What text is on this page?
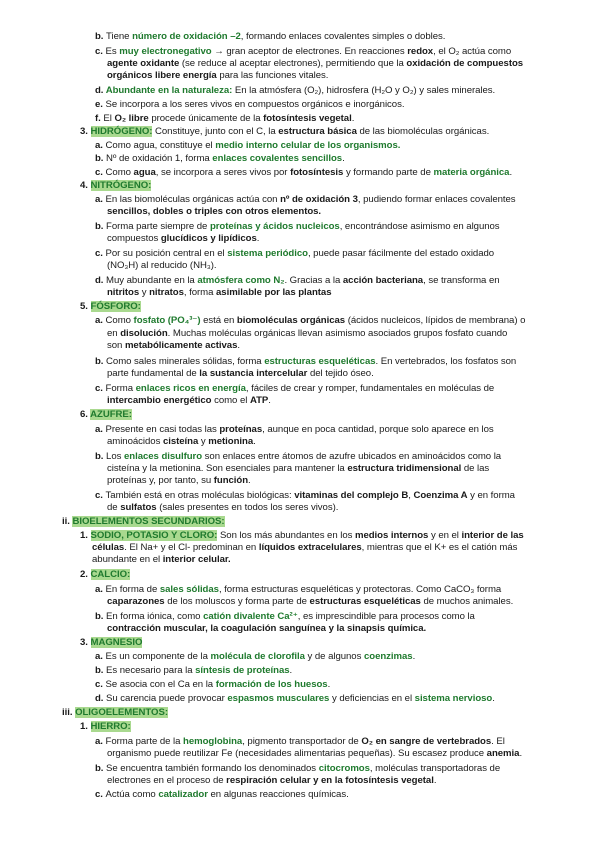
b. Tiene número de oxidación –2, formando enlaces covalentes simples o dobles.
c. Es muy electronegativo → gran aceptor de electrones. En reacciones redox, el O₂ actúa como
agente oxidante (se reduce al aceptar electrones), permitiendo que la oxidación de compuestos
orgánicos libere energía para las funciones vitales.
d. Abundante en la naturaleza: En la atmósfera (O₂), hidrosfera (H₂O y O₂) y sales minerales.
e. Se incorpora a los seres vivos en compuestos orgánicos e inorgánicos.
f. El O₂ libre procede únicamente de la fotosíntesis vegetal.
3. HIDRÓGENO: Constituye, junto con el C, la estructura básica de las biomoléculas orgánicas.
a. Como agua, constituye el medio interno celular de los organismos.
b. Nº de oxidación 1, forma enlaces covalentes sencillos.
c. Como agua, se incorpora a seres vivos por fotosíntesis y formando parte de materia orgánica.
4. NITRÓGENO:
a. En las biomoléculas orgánicas actúa con nº de oxidación 3, pudiendo formar enlaces covalentes
sencillos, dobles o triples con otros elementos.
b. Forma parte siempre de proteínas y ácidos nucleicos, encontrándose asimismo en algunos
compuestos glucídicos y lipídicos.
c. Por su posición central en el sistema periódico, puede pasar fácilmente del estado oxidado
(NO₃H) al reducido (NH₃).
d. Muy abundante en la atmósfera como N₂. Gracias a la acción bacteriana, se transforma en
nitritos y nitratos, forma asimilable por las plantas
5. FÓSFORO:
a. Como fosfato (PO₄³⁻) está en biomoléculas orgánicas (ácidos nucleicos, lípidos de membrana) o
en disolución. Muchas moléculas orgánicas llevan asimismo asociados grupos fosfato cuando
son metabólicamente activas.
b. Como sales minerales sólidas, forma estructuras esqueléticas. En vertebrados, los fosfatos son
parte fundamental de la sustancia intercelular del tejido óseo.
c. Forma enlaces ricos en energía, fáciles de crear y romper, fundamentales en moléculas de
intercambio energético como el ATP.
6. AZUFRE:
a. Presente en casi todas las proteínas, aunque en poca cantidad, porque solo aparece en los
aminoácidos cisteína y metionina.
b. Los enlaces disulfuro son enlaces entre átomos de azufre ubicados en aminoácidos como la
cisteína y la metionina. Son esenciales para mantener la estructura tridimensional de las
proteínas y, por tanto, su función.
c. También está en otras moléculas biológicas: vitaminas del complejo B, Coenzima A y en forma
de sulfatos (sales presentes en todos los seres vivos).
ii. BIOELEMENTOS SECUNDARIOS:
1. SODIO, POTASIO Y CLORO: Son los más abundantes en los medios internos y en el interior de las
células. El Na+ y el Cl- predominan en líquidos extracelulares, mientras que el K+ es el catión más
abundante en el interior celular.
2. CALCIO:
a. En forma de sales sólidas, forma estructuras esqueléticas y protectoras. Como CaCO₃ forma
caparazones de los moluscos y forma parte de estructuras esqueléticas de muchos animales.
b. En forma iónica, como catión divalente Ca²⁺, es imprescindible para procesos como la
contracción muscular, la coagulación sanguínea y la sinapsis química.
3. MAGNESIO
a. Es un componente de la molécula de clorofila y de algunos coenzimas.
b. Es necesario para la síntesis de proteínas.
c. Se asocia con el Ca en la formación de los huesos.
d. Su carencia puede provocar espasmos musculares y deficiencias en el sistema nervioso.
iii. OLIGOELEMENTOS:
1. HIERRO:
a. Forma parte de la hemoglobina, pigmento transportador de O₂ en sangre de vertebrados. El
organismo puede reutilizar Fe (necesidades alimentarias pequeñas). Su escasez produce anemia.
b. Se encuentra también formando los denominados citocromos, moléculas transportadoras de
electrones en el proceso de respiración celular y en la fotosíntesis vegetal.
c. Actúa como catalizador en algunas reacciones químicas.
